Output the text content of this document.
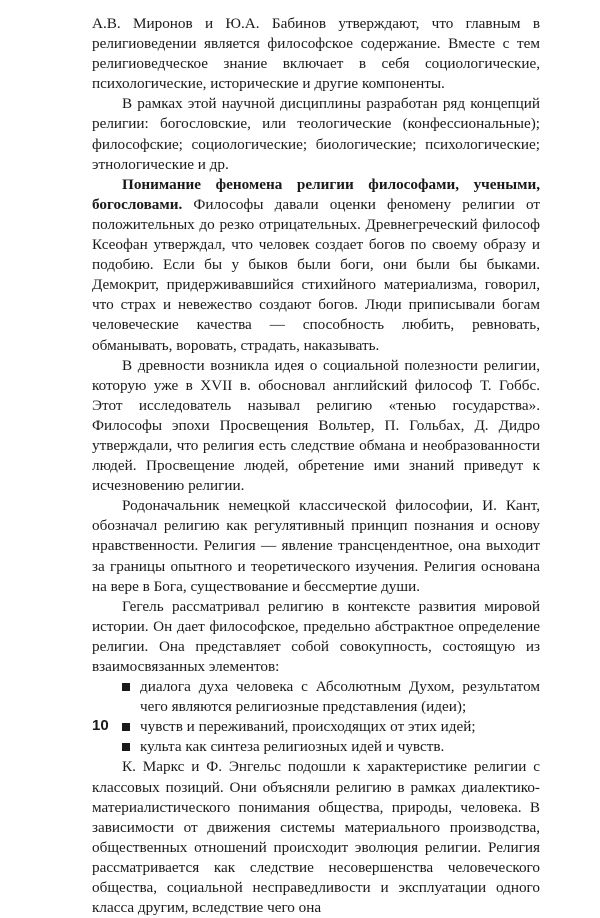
А.В. Миронов и Ю.А. Бабинов утверждают, что главным в религиоведении является философское содержание. Вместе с тем религиоведческое знание включает в себя социологические, психологические, исторические и другие компоненты.

В рамках этой научной дисциплины разработан ряд концепций религии: богословские, или теологические (конфессиональные); философские; социологические; биологические; психологические; этнологические и др.

Понимание феномена религии философами, учеными, богословами. Философы давали оценки феномену религии от положительных до резко отрицательных. Древнегреческий философ Ксеофан утверждал, что человек создает богов по своему образу и подобию. Если бы у быков были боги, они были бы быками. Демокрит, придерживавшийся стихийного материализма, говорил, что страх и невежество создают богов. Люди приписывали богам человеческие качества — способность любить, ревновать, обманывать, воровать, страдать, наказывать.

В древности возникла идея о социальной полезности религии, которую уже в XVII в. обосновал английский философ Т. Гоббс. Этот исследователь называл религию «тенью государства». Философы эпохи Просвещения Вольтер, П. Гольбах, Д. Дидро утверждали, что религия есть следствие обмана и необразованности людей. Просвещение людей, обретение ими знаний приведут к исчезновению религии.

Родоначальник немецкой классической философии, И. Кант, обозначал религию как регулятивный принцип познания и основу нравственности. Религия — явление трансцендентное, она выходит за границы опытного и теоретического изучения. Религия основана на вере в Бога, существование и бессмертие души.

Гегель рассматривал религию в контексте развития мировой истории. Он дает философское, предельно абстрактное определение религии. Она представляет собой совокупность, состоящую из взаимосвязанных элементов:

диалога духа человека с Абсолютным Духом, результатом чего являются религиозные представления (идеи);
чувств и переживаний, происходящих от этих идей;
культа как синтеза религиозных идей и чувств.

К. Маркс и Ф. Энгельс подошли к характеристике религии с классовых позиций. Они объясняли религию в рамках диалектико-материалистического понимания общества, природы, человека. В зависимости от движения системы материального производства, общественных отношений происходит эволюция религии. Религия рассматривается как следствие несовершенства человеческого общества, социальной несправедливости и эксплуатации одного класса другим, вследствие чего она

10
